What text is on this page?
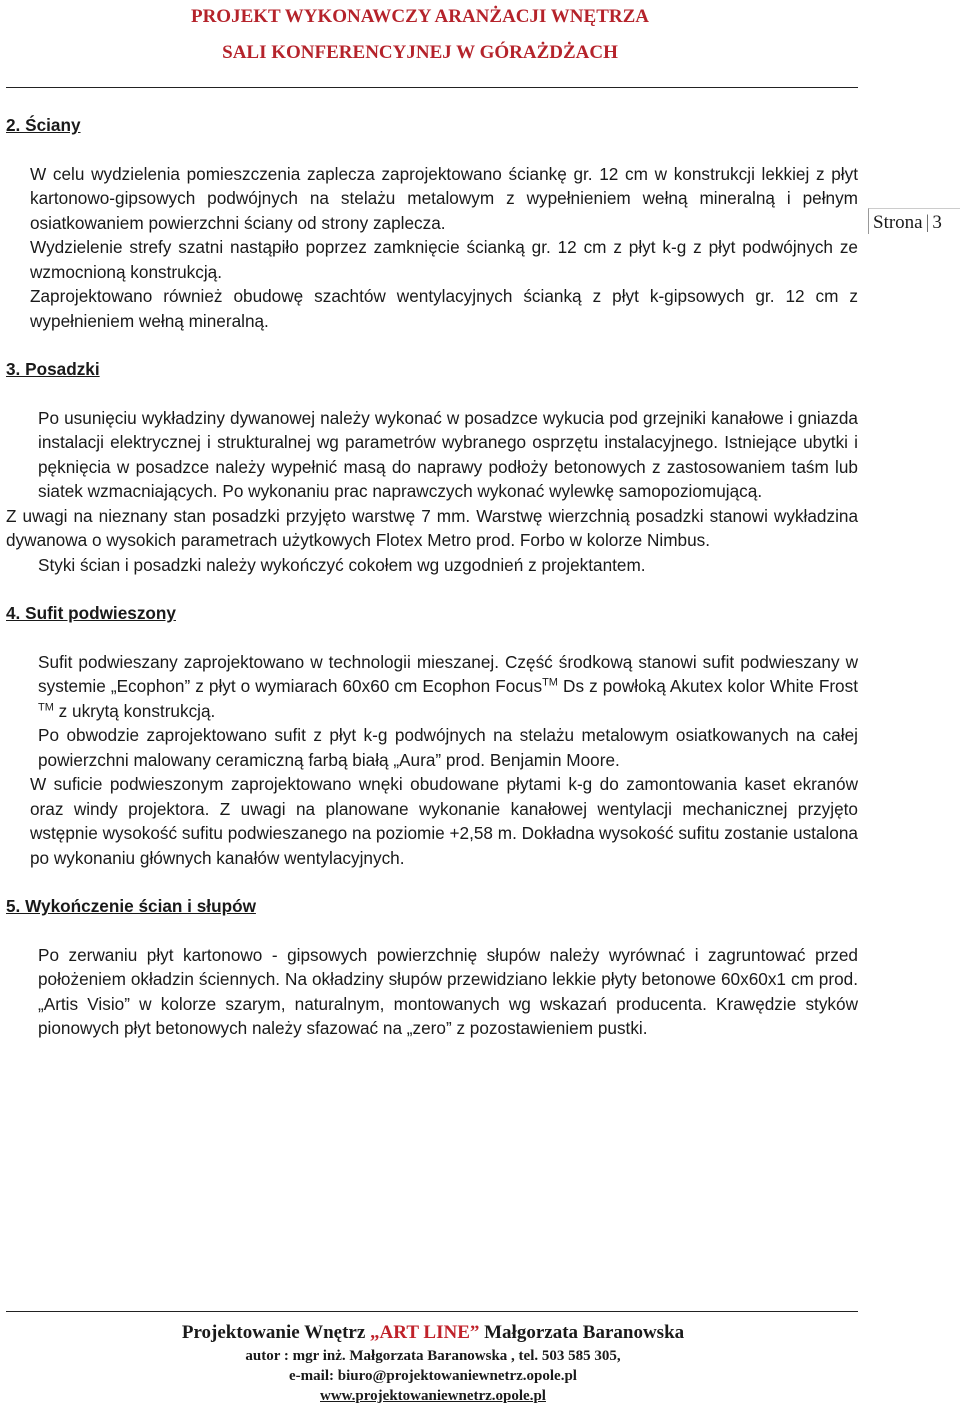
PROJEKT WYKONAWCZY ARANŻACJI WNĘTRZA
SALI KONFERENCYJNEJ W GÓRAŻDŻACH
Strona | 3

2. Ściany

W celu wydzielenia pomieszczenia zaplecza zaprojektowano ściankę gr. 12 cm w konstrukcji lekkiej z płyt kartonowo-gipsowych podwójnych na stelażu metalowym z wypełnieniem wełną mineralną i pełnym osiatkowaniem powierzchni ściany od strony zaplecza.

Wydzielenie strefy szatni nastąpiło poprzez zamknięcie ścianką gr. 12 cm z płyt k-g z płyt podwójnych ze wzmocnioną konstrukcją.

Zaprojektowano również obudowę szachtów wentylacyjnych ścianką z płyt k-gipsowych gr. 12 cm z wypełnieniem wełną mineralną.

3. Posadzki

Po usunięciu wykładziny dywanowej należy wykonać w posadzce wykucia pod grzejniki kanałowe i gniazda instalacji elektrycznej i strukturalnej wg parametrów wybranego osprzętu instalacyjnego. Istniejące ubytki i pęknięcia w posadzce należy wypełnić masą do naprawy podłoży betonowych z zastosowaniem taśm lub siatek wzmacniających. Po wykonaniu prac naprawczych wykonać wylewkę samopoziomującą.

Z uwagi na nieznany stan posadzki przyjęto warstwę 7 mm. Warstwę wierzchnią posadzki stanowi wykładzina dywanowa o wysokich parametrach użytkowych Flotex Metro prod. Forbo w kolorze Nimbus.

Styki ścian i posadzki należy wykończyć cokołem wg uzgodnień z projektantem.

4. Sufit podwieszony

Sufit podwieszany zaprojektowano w technologii mieszanej. Część środkową stanowi sufit podwieszany w systemie „Ecophon” z płyt o wymiarach 60x60 cm Ecophon Focus™ Ds z powłoką Akutex kolor White Frost ™ z ukrytą konstrukcją.

Po obwodzie zaprojektowano sufit z płyt k-g podwójnych na stelażu metalowym osiatkowanych na całej powierzchni malowany ceramiczną farbą białą „Aura” prod. Benjamin Moore.

W suficie podwieszonym zaprojektowano wnęki obudowane płytami k-g do zamontowania kaset ekranów oraz windy projektora. Z uwagi na planowane wykonanie kanałowej wentylacji mechanicznej przyjęto wstępnie wysokość sufitu podwieszanego na poziomie +2,58 m. Dokładna wysokość sufitu zostanie ustalona po wykonaniu głównych kanałów wentylacyjnych.

5. Wykończenie ścian i słupów

Po zerwaniu płyt kartonowo - gipsowych powierzchnię słupów należy wyrównać i zagruntować przed położeniem okładzin ściennych. Na okładziny słupów przewidziano lekkie płyty betonowe 60x60x1 cm prod. „Artis Visio” w kolorze szarym, naturalnym, montowanych wg wskazań producenta. Krawędzie styków pionowych płyt betonowych należy sfazować na „zero” z pozostawieniem pustki.

Projektowanie Wnętrz „ART LINE” Małgorzata Baranowska
autor : mgr inż. Małgorzata Baranowska , tel. 503 585 305,
e-mail: biuro@projektowaniewnetrz.opole.pl
www.projektowaniewnetrz.opole.pl
